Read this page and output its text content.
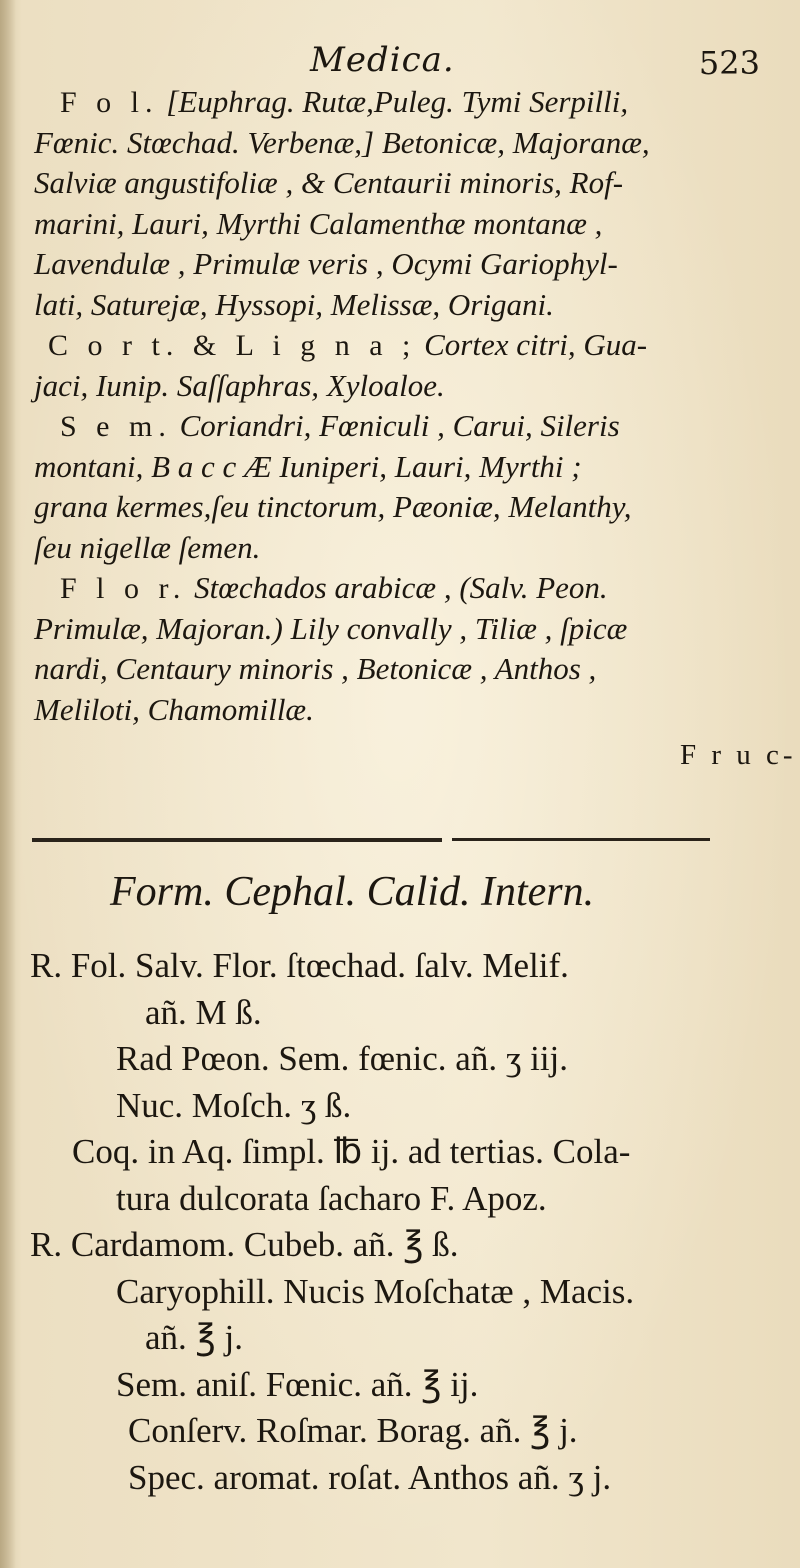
Medica.	523
F o l. [Euphrag. Rutæ,Puleg. Tymi Serpilli,
Fœnic. Stœchad. Verbenæ,] Betonicæ, Majoranæ,
Salviæ angustifoliæ , & Centaurii minoris, Rof-
marini, Lauri, Myrthi Calamenthæ montanæ ,
Lavendulæ , Primulæ veris , Ocymi Gariophyl-
lati, Saturejæ, Hyssopi, Melissæ, Origani.
C o r t. & L i g n a ; Cortex citri, Gua-
jaci, Iunip. Saſſaphras, Xyloaloe.
S e m. Coriandri, Fœniculi , Carui, Sileris
montani, B a c c Æ Iuniperi, Lauri, Myrthi ;
grana kermes,ſeu tinctorum, Pæoniæ, Melanthy,
ſeu nigellæ ſemen.
F l o r. Stœchados arabicæ , (Salv. Peon.
Primulæ, Majoran.) Lily convally , Tiliæ , ſpicæ
nardi, Centaury minoris , Betonicæ , Anthos ,
Meliloti, Chamomillæ.
F r u c-
Form. Cephal. Calid. Intern.
R. Fol. Salv. Flor. ſtœchad. ſalv. Melif.
añ. M ß.
Rad Pœon. Sem. fœnic. añ. ʒ iij.
Nuc. Moſch. ʒ ß.
Coq. in Aq. ſimpl. ℔ ij. ad tertias. Cola-
tura dulcorata ſacharo F. Apoz.
R. Cardamom. Cubeb. añ. ℥ ß.
Caryophill. Nucis Moſchatæ , Macis.
añ. ℥ j.
Sem. aniſ. Fœnic. añ. ℥ ij.
Conſerv. Roſmar. Borag. añ. ℥ j.
Spec. aromat. roſat. Anthos añ. ʒ j.
